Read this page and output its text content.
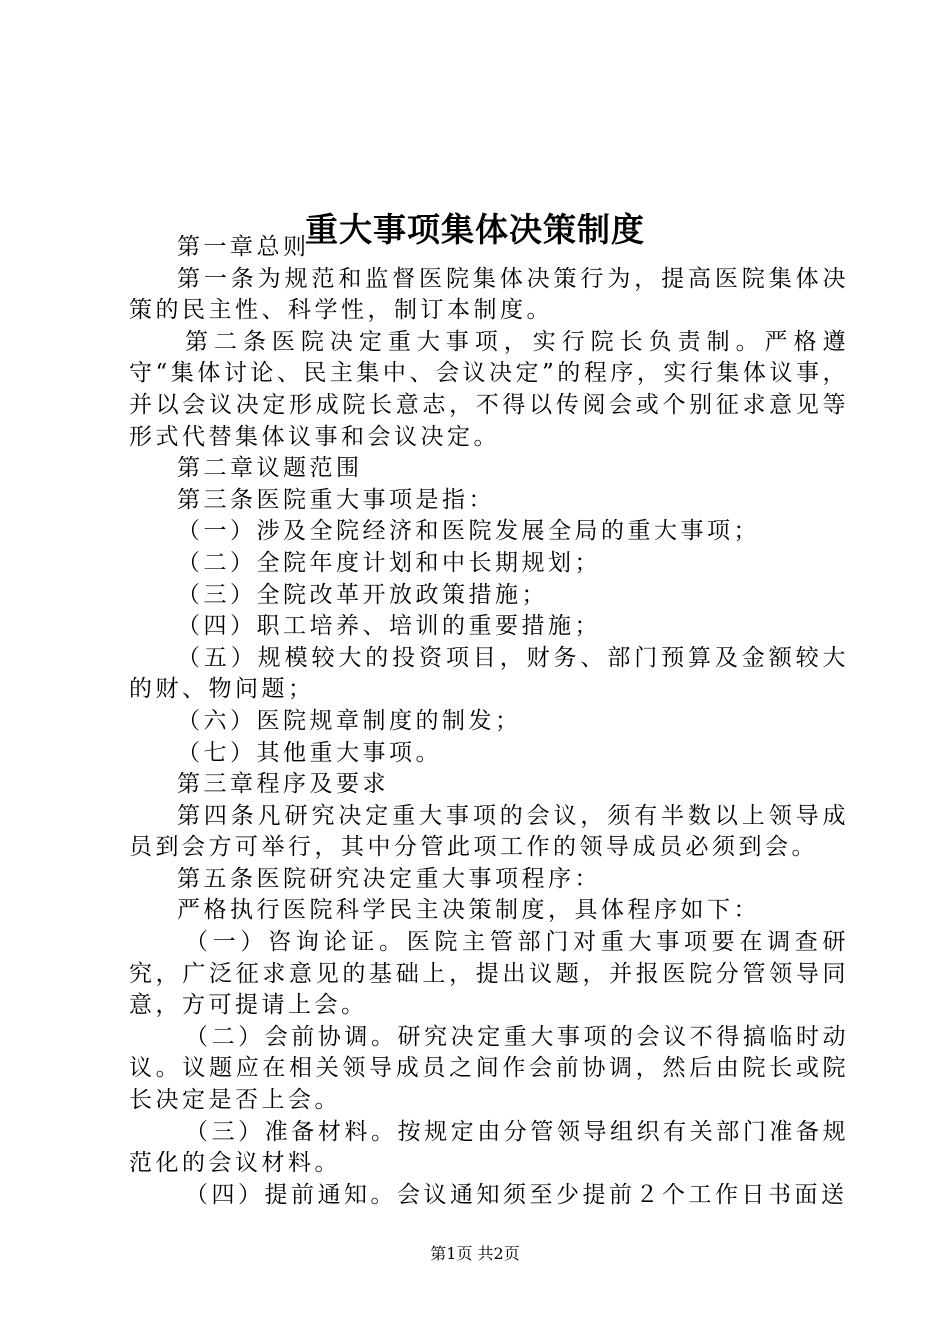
重大事项集体决策制度

第一章总则

第一条为规范和监督医院集体决策行为，提高医院集体决策的民主性、科学性，制订本制度。

第二条医院决定重大事项，实行院长负责制。严格遵守“集体讨论、民主集中、会议决定”的程序，实行集体议事，并以会议决定形成院长意志，不得以传阅会或个别征求意见等形式代替集体议事和会议决定。

第二章议题范围

第三条医院重大事项是指：

（一）涉及全院经济和医院发展全局的重大事项；

（二）全院年度计划和中长期规划；

（三）全院改革开放政策措施；

（四）职工培养、培训的重要措施；

（五）规模较大的投资项目，财务、部门预算及金额较大的财、物问题；

（六）医院规章制度的制发；

（七）其他重大事项。

第三章程序及要求

第四条凡研究决定重大事项的会议，须有半数以上领导成员到会方可举行，其中分管此项工作的领导成员必须到会。

第五条医院研究决定重大事项程序：

严格执行医院科学民主决策制度，具体程序如下：

（一）咨询论证。医院主管部门对重大事项要在调查研究，广泛征求意见的基础上，提出议题，并报医院分管领导同意，方可提请上会。

（二）会前协调。研究决定重大事项的会议不得搞临时动议。议题应在相关领导成员之间作会前协调，然后由院长或院长决定是否上会。

（三）准备材料。按规定由分管领导组织有关部门准备规范化的会议材料。

（四）提前通知。会议通知须至少提前２个工作日书面送

第1页 共2页
